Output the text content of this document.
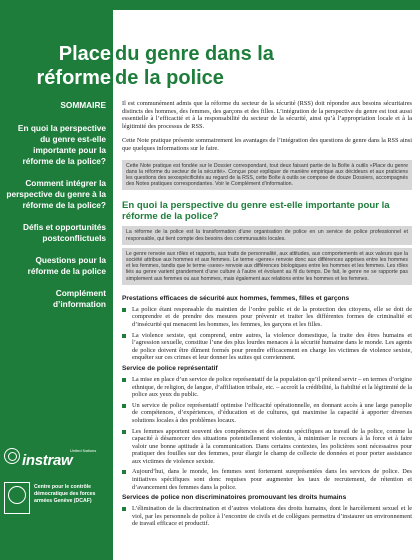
Place du genre dans la
réforme de la police
SOMMAIRE
En quoi la perspective du genre est-elle importante pour la réforme de la police?
Comment intégrer la perspective du genre à la réforme de la police?
Défis et opportunités postconflictuels
Questions pour la réforme de la police
Complément d’information
instraw
United Nations
Centre pour le contrôle démocratique des forces armées Genève (DCAF)

Il est communément admis que la réforme du secteur de la sécurité (RSS) doit répondre aux besoins sécuritaires distincts des hommes, des femmes, des garçons et des filles. L’intégration de la perspective du genre est tout aussi essentielle à l’efficacité et à la responsabilité du secteur de la sécurité, ainsi qu’à l’appropriation locale et à la légitimité des processus de RSS.

Cette Note pratique présente sommairement les avantages de l’intégration des questions de genre dans la RSS ainsi que quelques informations sur le faire.

Cette Note pratique est fondée sur le Dossier correspondant, tout deux faisant partie de la Boîte à outils «Place du genre dans la réforme du secteur de la sécurité». Conçue pour expliquer de manière empirique aux décideurs et aux praticiens les questions des sexospécificités au regard de la RSS, cette Boîte à outils se compose de douze Dossiers, accompagnés des Notes pratiques correspondantes. Voir le Complément d’information.
En quoi la perspective du genre est-elle importante pour la réforme de la police?
La réforme de la police est la transformation d’une organisation de police en un service de police professionnel et responsable, qui tient compte des besoins des communautés locales.
Le genre renvoie aux rôles et rapports, aux traits de personnalité, aux attitudes, aux comportements et aux valeurs que la société attribue aux hommes et aux femmes. Le terme «genre» renvoie donc aux différences apprises entre les hommes et les femmes, tandis que le terme «sexe» renvoie aux différences biologiques entre les hommes et les femmes. Les rôles liés au genre varient grandement d’une culture à l’autre et évoluent au fil du temps. De fait, le genre ne se rapporte pas simplement aux femmes ou aux hommes, mais également aux relations entre les hommes et les femmes.
Prestations efficaces de sécurité aux hommes, femmes, filles et garçons
La police étant responsable du maintien de l’ordre public et de la protection des citoyens, elle se doit de comprendre et de prendre des mesures pour prévenir et traiter les différentes formes de criminalité et d’insécurité qui menacent les hommes, les femmes, les garçons et les filles.
La violence sexiste, qui comprend, entre autres, la violence domestique, la traite des êtres humains et l’agression sexuelle, constitue l’une des plus lourdes menaces à la sécurité humaine dans le monde. Les agents de police doivent être dûment formés pour prendre efficacement en charge les victimes de violence sexiste, enquêter sur ces crimes et leur donner les suites qui conviennent.
Service de police représentatif
La mise en place d’un service de police représentatif de la population qu’il prétend servir – en termes d’origine ethnique, de religion, de langue, d’affiliation tribale, etc. – accroît la crédibilité, la fiabilité et la légitimité de la police aux yeux du public.
Un service de police représentatif optimise l’efficacité opérationnelle, en donnant accès à une large panoplie de compétences, d’expériences, d’éducation et de cultures, qui maximise la capacité à apporter diverses solutions locales à des problèmes locaux.
Les femmes apportent souvent des compétences et des atouts spécifiques au travail de la police, comme la capacité à désamorcer des situations potentiellement violentes, à minimiser le recours à la force et à faire valoir une bonne aptitude à la communication. Dans certains contextes, les policières sont nécessaires pour pratiquer des fouilles sur des femmes, pour élargir le champ de collecte de données et pour porter assistance aux victimes de violence sexiste.
Aujourd’hui, dans le monde, les femmes sont fortement sureprésentées dans les services de police. Des initiatives spécifiques sont donc requises pour augmenter les taux de recrutement, de rétention et d’avancement des femmes dans la police.
Services de police non discriminatoires promouvant les droits humains
L’élimination de la discrimination et d’autres violations des droits humains, dont le harcèlement sexuel et le viol, par les personnels de police à l’encontre de civils et de collègues permettra d’instaurer un environnement de travail efficace et productif.
